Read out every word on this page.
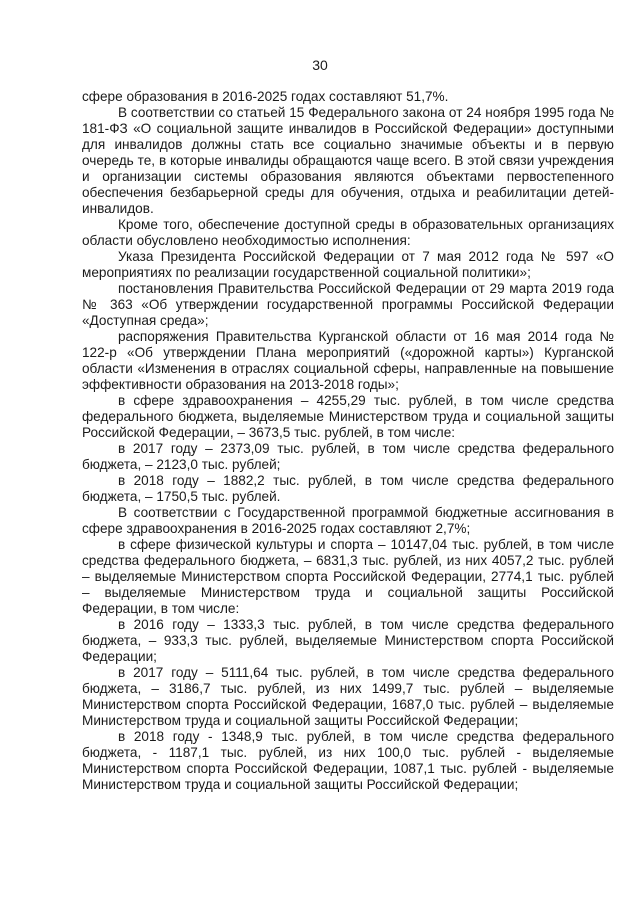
30

сфере образования в 2016-2025 годах составляют 51,7%.

В соответствии со статьей 15 Федерального закона от 24 ноября 1995 года № 181-ФЗ «О социальной защите инвалидов в Российской Федерации» доступными для инвалидов должны стать все социально значимые объекты и в первую очередь те, в которые инвалиды обращаются чаще всего. В этой связи учреждения и организации системы образования являются объектами первостепенного обеспечения безбарьерной среды для обучения, отдыха и реабилитации детей-инвалидов.

Кроме того, обеспечение доступной среды в образовательных организациях области обусловлено необходимостью исполнения:

Указа Президента Российской Федерации от 7 мая 2012 года № 597 «О мероприятиях по реализации государственной социальной политики»;

постановления Правительства Российской Федерации от 29 марта 2019 года № 363 «Об утверждении государственной программы Российской Федерации «Доступная среда»;

распоряжения Правительства Курганской области от 16 мая 2014 года № 122-р «Об утверждении Плана мероприятий («дорожной карты») Курганской области «Изменения в отраслях социальной сферы, направленные на повышение эффективности образования на 2013-2018 годы»;

в сфере здравоохранения – 4255,29 тыс. рублей, в том числе средства федерального бюджета, выделяемые Министерством труда и социальной защиты Российской Федерации, – 3673,5 тыс. рублей, в том числе:

в 2017 году – 2373,09 тыс. рублей, в том числе средства федерального бюджета, – 2123,0 тыс. рублей;

в 2018 году – 1882,2 тыс. рублей, в том числе средства федерального бюджета, – 1750,5 тыс. рублей.

В соответствии с Государственной программой бюджетные ассигнования в сфере здравоохранения в 2016-2025 годах составляют 2,7%;

в сфере физической культуры и спорта – 10147,04 тыс. рублей, в том числе средства федерального бюджета, – 6831,3 тыс. рублей, из них 4057,2 тыс. рублей – выделяемые Министерством спорта Российской Федерации, 2774,1 тыс. рублей – выделяемые Министерством труда и социальной защиты Российской Федерации, в том числе:

в 2016 году – 1333,3 тыс. рублей, в том числе средства федерального бюджета, – 933,3 тыс. рублей, выделяемые Министерством спорта Российской Федерации;

в 2017 году – 5111,64 тыс. рублей, в том числе средства федерального бюджета, – 3186,7 тыс. рублей, из них 1499,7 тыс. рублей – выделяемые Министерством спорта Российской Федерации, 1687,0 тыс. рублей – выделяемые Министерством труда и социальной защиты Российской Федерации;

в 2018 году - 1348,9 тыс. рублей, в том числе средства федерального бюджета, - 1187,1 тыс. рублей, из них 100,0 тыс. рублей - выделяемые Министерством спорта Российской Федерации, 1087,1 тыс. рублей - выделяемые Министерством труда и социальной защиты Российской Федерации;
